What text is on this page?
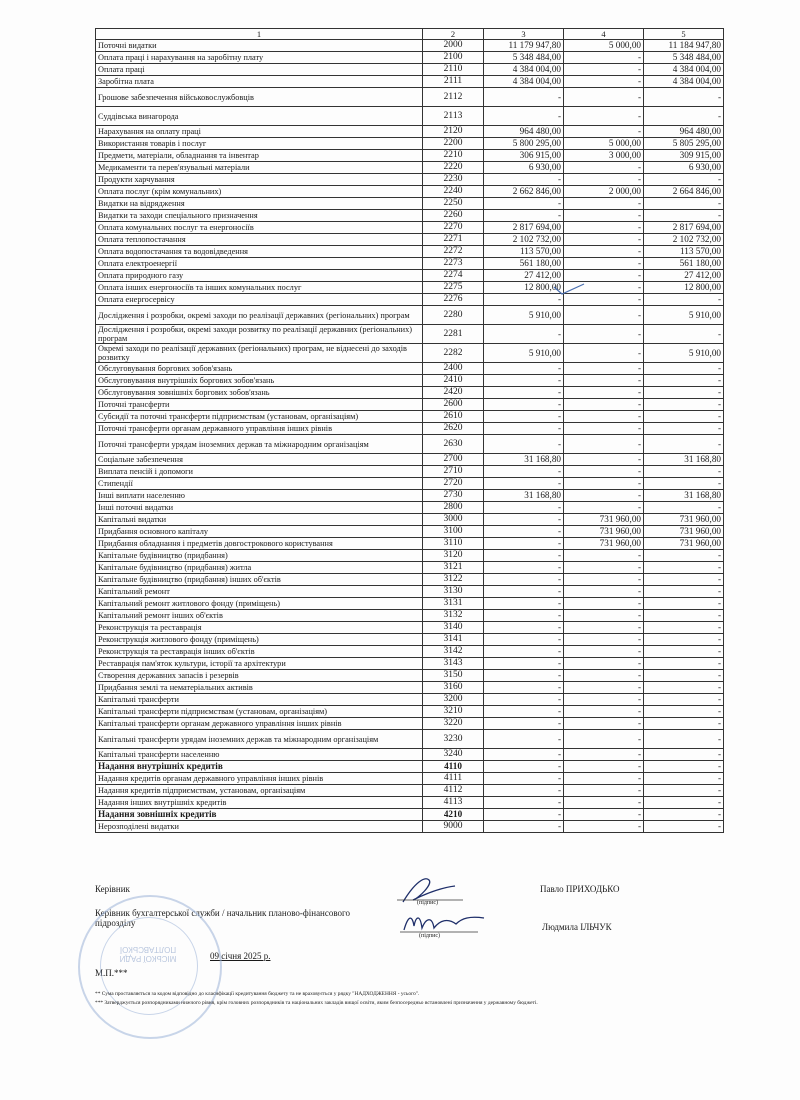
1	2	3	4	5
Поточні видатки	2000	11 179 947,80	5 000,00	11 184 947,80
Оплата праці і нарахування на заробітну плату	2100	5 348 484,00	-	5 348 484,00
Оплата праці	2110	4 384 004,00	-	4 384 004,00
Заробітна плата	2111	4 384 004,00	-	4 384 004,00
Грошове забезпечення військовослужбовців	2112	-	-	-
Суддівська винагорода	2113	-	-	-
Нарахування на оплату праці	2120	964 480,00	-	964 480,00
Використання товарів і послуг	2200	5 800 295,00	5 000,00	5 805 295,00
Предмети, матеріали, обладнання та інвентар	2210	306 915,00	3 000,00	309 915,00
Медикаменти та перев'язувальні матеріали	2220	6 930,00	-	6 930,00
Продукти харчування	2230	-	-	-
Оплата послуг (крім комунальних)	2240	2 662 846,00	2 000,00	2 664 846,00
Видатки на відрядження	2250	-	-	-
Видатки та заходи спеціального призначення	2260	-	-	-
Оплата комунальних послуг та енергоносіїв	2270	2 817 694,00	-	2 817 694,00
Оплата теплопостачання	2271	2 102 732,00	-	2 102 732,00
Оплата водопостачання та водовідведення	2272	113 570,00	-	113 570,00
Оплата електроенергії	2273	561 180,00	-	561 180,00
Оплата природного газу	2274	27 412,00	-	27 412,00
Оплата інших енергоносіїв та інших комунальних послуг	2275	12 800,00	-	12 800,00
Оплата енергосервісу	2276	-	-	-
Дослідження і розробки, окремі заходи по реалізації державних (регіональних) програм	2280	5 910,00	-	5 910,00
Дослідження і розробки, окремі заходи розвитку по реалізації державних (регіональних) програм	2281	-	-	-
Окремі заходи по реалізації державних (регіональних) програм, не віднесені до заходів розвитку	2282	5 910,00	-	5 910,00
Обслуговування боргових зобов'язань	2400	-	-	-
Обслуговування внутрішніх боргових зобов'язань	2410	-	-	-
Обслуговування зовнішніх боргових зобов'язань	2420	-	-	-
Поточні трансферти	2600	-	-	-
Субсидії та поточні трансферти підприємствам (установам, організаціям)	2610	-	-	-
Поточні трансферти органам державного управління інших рівнів	2620	-	-	-
Поточні трансферти урядам іноземних держав та міжнародним організаціям	2630	-	-	-
Соціальне забезпечення	2700	31 168,80	-	31 168,80
Виплата пенсій і допомоги	2710	-	-	-
Стипендії	2720	-	-	-
Інші виплати населенню	2730	31 168,80	-	31 168,80
Інші поточні видатки	2800	-	-	-
Капітальні видатки	3000	-	731 960,00	731 960,00
Придбання основного капіталу	3100	-	731 960,00	731 960,00
Придбання обладнання і предметів довгострокового користування	3110	-	731 960,00	731 960,00
Капітальне будівництво (придбання)	3120	-	-	-
Капітальне будівництво (придбання) житла	3121	-	-	-
Капітальне будівництво (придбання) інших об'єктів	3122	-	-	-
Капітальний ремонт	3130	-	-	-
Капітальний ремонт житлового фонду (приміщень)	3131	-	-	-
Капітальний ремонт інших об'єктів	3132	-	-	-
Реконструкція та реставрація	3140	-	-	-
Реконструкція житлового фонду (приміщень)	3141	-	-	-
Реконструкція та реставрація інших об'єктів	3142	-	-	-
Реставрація пам'яток культури, історії та архітектури	3143	-	-	-
Створення державних запасів і резервів	3150	-	-	-
Придбання землі та нематеріальних активів	3160	-	-	-
Капітальні трансферти	3200	-	-	-
Капітальні трансферти підприємствам (установам, організаціям)	3210	-	-	-
Капітальні трансферти органам державного управління інших рівнів	3220	-	-	-
Капітальні трансферти урядам іноземних держав та міжнародним організаціям	3230	-	-	-
Капітальні трансферти населенню	3240	-	-	-
Надання внутрішніх кредитів	4110	-	-	-
Надання кредитів органам державного управління інших рівнів	4111	-	-	-
Надання кредитів підприємствам, установам, організаціям	4112	-	-	-
Надання інших внутрішніх кредитів	4113	-	-	-
Надання зовнішніх кредитів	4210	-	-	-
Нерозподілені видатки	9000	-	-	-
Керівник
(підпис)
Павло ПРИХОДЬКО
Керівник бухгалтерської служби / начальник планово-фінансового підрозділу
(підпис)
Людмила ІЛЬЧУК
09 січня 2025 р.
М.П.***
МІСЬКОЇ РАДИ ПОЛТАВСЬКОЇ
** Сума проставляється за кодом відповідно до класифікації кредитування бюджету та не враховується у рядку "НАДХОДЖЕННЯ - усього".
*** Затверджується розпорядниками нижчого рівня, крім головних розпорядників та національних закладів вищої освіти, яким безпосередньо встановлені призначення у державному бюджеті.
